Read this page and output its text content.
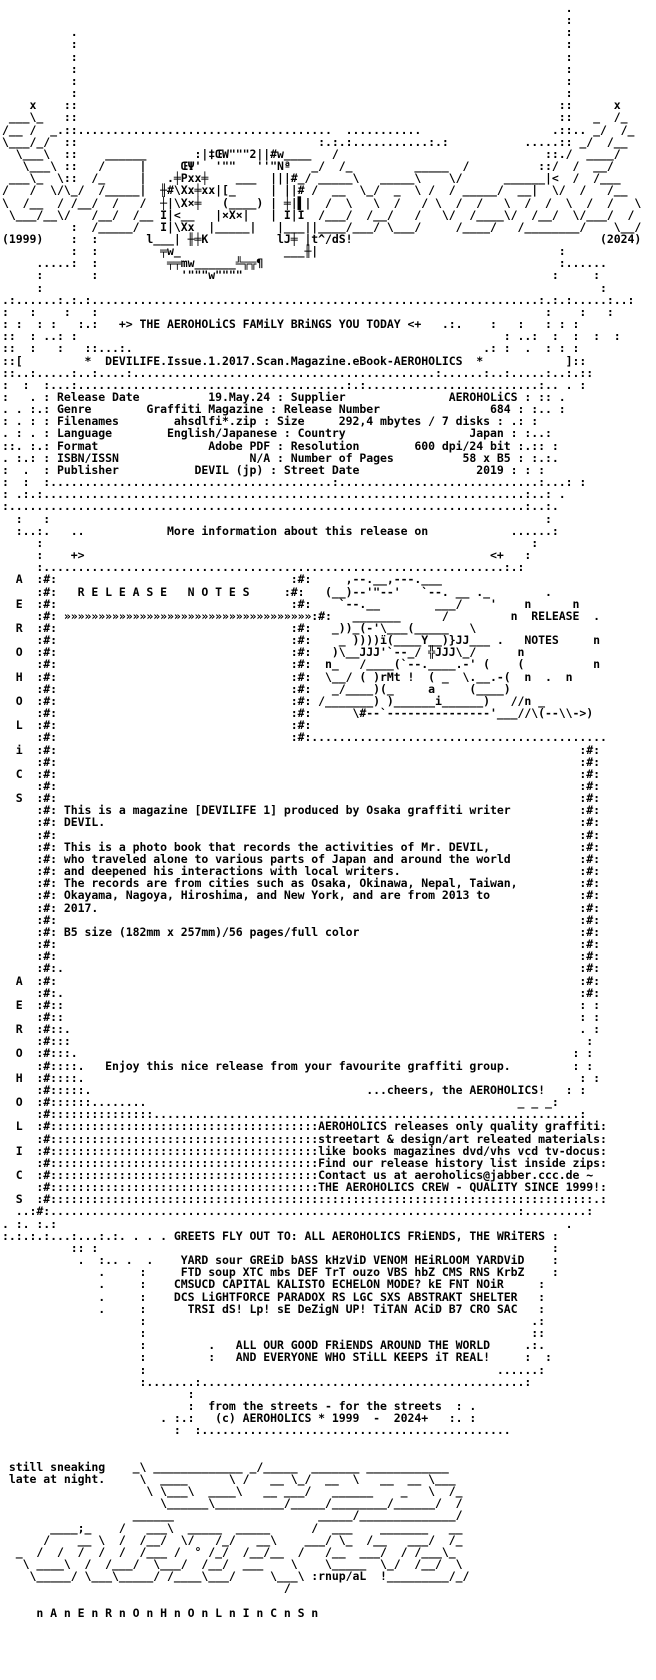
.
:
.                                                                       :
:                                                                       :
:                                                                       :
:                                                                       :
:                                                                       :
:                                                                       :
x    ::                                                                      ::      x
___\_   ::                                                                      ::   _  /_
/__ /  _.::.....................................  ...........                   .::.. _/  /_
\___/_/  ::                                   :.:.:...........:.:           .....:: _/  /__
\___\  ::    ______       :|‡ŒW"""2||#w____   /                              ::./  ____/
\___\ ::   /     |     ŒΨ'  '""   ''"Nª   _/  /_         _____  /          ::/  /  __/
___\_  \::  /_     |   .╪Pxx╪    ___  |||#_/ _____\   _____\    \/      ______|<  /  /___
/   /  \/\_/  /_____|  ╫#\Xx╪xx|[_     | ||# /  __  \_/  _  \ /  / _____/  __|  \/  /   /__
\  /__  / /__/  /   /  ┼|\X×╪   (____) | ╪|▌|  /  \   \  /   / \  /  /   \  /  /  \  /  /   \
\___/__\/   /__/  /__ I|<__   |×X×|   | I|I  /___/  /__/   /   \/  /____\/  /__/  \/___/  /
:  /_____/   I|\Xx  |_____|   |___||____/___/ \___/     /____/   /________/    \__/
(1999)    :  :       l___| ╫╪K          lJ╪ |t^/dS!                                    (2024)
:  :         ╤w_               ___╫|                                   :
.....:  :          ╤╤mw______╩╦╦¶                                           :......
:       :            '"""w""""                                             :     :
:                                                                                 :
.:......:.:.:.................................................................:.:.:.....:..:
:   :    :   :                                                                 :    :   :
: :  : :   :.:   +> THE AEROHOLiCS FAMiLY BRiNGS YOU TODAY <+   .:.    :   :   : : :
::  : ..: :                                                              : ..:  :  :  :  :
::  :   :   ::...:.                                                   .: :  .  : : :
::[         *  DEVILIFE.Issue.1.2017.Scan.Magazine.eBook-AEROHOLICS  *            ]::
::..:.....:..:....:............................................:......:..:.....:..:.::
:  :  :...:.......................................:.:.........................:.. . :
:   . : Release Date          19.May.24 : Supplier               AEROHOLiCS : :: .
. . :.: Genre        Graffiti Magazine : Release Number                684 : :.. :
: . : : Filenames        ahsdlfi*.zip : Size     292,4 mbytes / 7 disks : .: :
. : . : Language        English/Japanese : Country                  Japan : :..:
::. :.: Format                Adobe PDF : Resolution        600 dpi/24 bit :.:: :
. :.: : ISBN/ISSN                   N/A : Number of Pages          58 x B5 : :.:.
:  .  : Publisher           DEVIL (jp) : Street Date                 2019 : : :
:  :  :.........................................:.............................:...: :
: .:.:......................................................................:..: .
:...........................................................................:..:.
:   :                                                                        :
:..:.   ..            More information about this release on            ......:
:                                                                       :
:    +>                                                           <+   :
:...................................................................:.:
A  :#:                                  :#:     ,--.__,---.___
:#:   R E L E A S E   N O T E S     :#:   (__)--'"--'   `--. __ ._        .
E  :#:                                  :#:    `--.__        ___/    '    n      n
:#: »»»»»»»»»»»»»»»»»»»»»»»»»»»»»»»»»»»»:#:   _______      /         n  RELEASE  .
R  :#:                                  :#:   _))_(-'\___(_____   \
:#:                                  :#:    _ ))))ï(____Y__)}JJ___ .   NOTES     n
O  :#:                                  :#:   )\__JJJ'`--_/ ╬JJJ\_/      n
:#:                                  :#:  n_   /____(`--.____.-' (    (          n
H  :#:                                  :#:  \__/ ( )rMt !  ( _  \.__.-(  n  .  n
:#:                                  :#:   _/____)(_     a     (____)
O  :#:                                  :#: /_______) )______i______)   //n _
:#:                                  :#:      \#--`---------------'___//\(--\\->)
L  :#:                                  :#:
:#:                                  :#:...........................................
i  :#:                                                                            :#:
:#:                                                                            :#:
C  :#:                                                                            :#:
:#:                                                                            :#:
S  :#:                                                                            :#:
:#: This is a magazine [DEVILIFE 1] produced by Osaka graffiti writer          :#:
:#: DEVIL.                                                                     :#:
:#:                                                                            :#:
:#: This is a photo book that records the activities of Mr. DEVIL,             :#:
:#: who traveled alone to various parts of Japan and around the world          :#:
:#: and deepened his interactions with local writers.                          :#:
:#: The records are from cities such as Osaka, Okinawa, Nepal, Taiwan,         :#:
:#: Okayama, Nagoya, Hiroshima, and New York, and are from 2013 to             :#:
:#: 2017.                                                                      :#:
:#:                                                                            :#:
:#: B5 size (182mm x 257mm)/56 pages/full color                                :#:
:#:                                                                            :#:
:#:                                                                            :#:
:#:.                                                                           :#:
A  :#:                                                                            :#:
:#:.                                                                           :#:
E  :#::                                                                           : :
:#::                                                                           : :
R  :#::.                                                                          . :
:#:::                                                                           :
O  :#:::.                                                                        : :
:#::::.   Enjoy this nice release from your favourite graffiti group.         : :
H  :#::::.                                                                        : :
:#:::::.                                        ...cheers, the AEROHOLICS!   : :
O  :#::::::........                                                      _ _ _:
:#:::::::::::::::..............................................................:
L  :#:::::::::::::::::::::::::::::::::::::::AEROHOLICS releases only quality graffiti:
:#:::::::::::::::::::::::::::::::::::::::streetart & design/art releated materials:
I  :#:::::::::::::::::::::::::::::::::::::::like books magazines dvd/vhs vcd tv-docus:
:#:::::::::::::::::::::::::::::::::::::::Find our release history list inside zips:
C  :#:::::::::::::::::::::::::::::::::::::::Contact us at aeroholics@jabber.ccc.de ~
:#:::::::::::::::::::::::::::::::::::::::THE AEROHOLICS CREW - QUALITY SINCE 1999!:
S  :#:::::::::::::::::::::::::::::::::::::::::::::::::::::::::::::::::::::::::::::::.:
..:#:....................................................................:.........:
. :. :.:                                                                          .
:.:.:.:...:...:.:. . . . GREETS FLY OUT TO: ALL AEROHOLICS FRiENDS, THE WRiTERS :
:: :                                                                  :
.  :.. .  .    YARD sour GREiD bASS kHzViD VENOM HEiRLOOM YARDViD    :
.     :     FTD soup XTC mbs DEF TrT ouzo VBS hbZ CMS RNS KrbZ    :
.     :    CMSUCD CAPITAL KALISTO ECHELON MODE? kE FNT NOiR     :
.     :    DCS LiGHTFORCE PARADOX RS LGC SXS ABSTRAKT SHELTER   :
.     :      TRSI dS! Lp! sE DeZigN UP! TiTAN ACiD B7 CRO SAC   :
:                                                        .:
:                                                        ::
:         .   ALL OUR GOOD FRiENDS AROUND THE WORLD     .:.
:         :   AND EVERYONE WHO STiLL KEEPS iT REAL!     :  :
:                                                   ......:
:.......:...............................................:
:
:  from the streets - for the streets  : .
. :.:   (c) AEROHOLICS * 1999  -  2024+   :. :
:  :.............................................

still sneaking    _\ _____________ _/_____  _______ ____________
late at night.     \  ____      \ /   __ \_/  __  \   __  __ \___
\ \___\  ____\   __ ___/   ______    _   \  /_
\______\__________/_____/________/______/  /
______                     _____/______________/
____;_    /   ___\  _____  _____      /  ___    _______   __
/    __ \  /  /__/  \/   /_/   __\    ___/ \_  /__   ___/  /_
_  /  /  /  /  /  /___ /  ° /_/  /__/__  /   /__  ___/  / /___\_
\ ____\  /  /___/  \___/  /__/  ___    \    \_____  \_/  /__/  \
\_____/ \___\_____/ /____\___/     \___\ :rnup/aL  !_________/_/
/

n A n E n R n O n H n O n L n I n C n S n
